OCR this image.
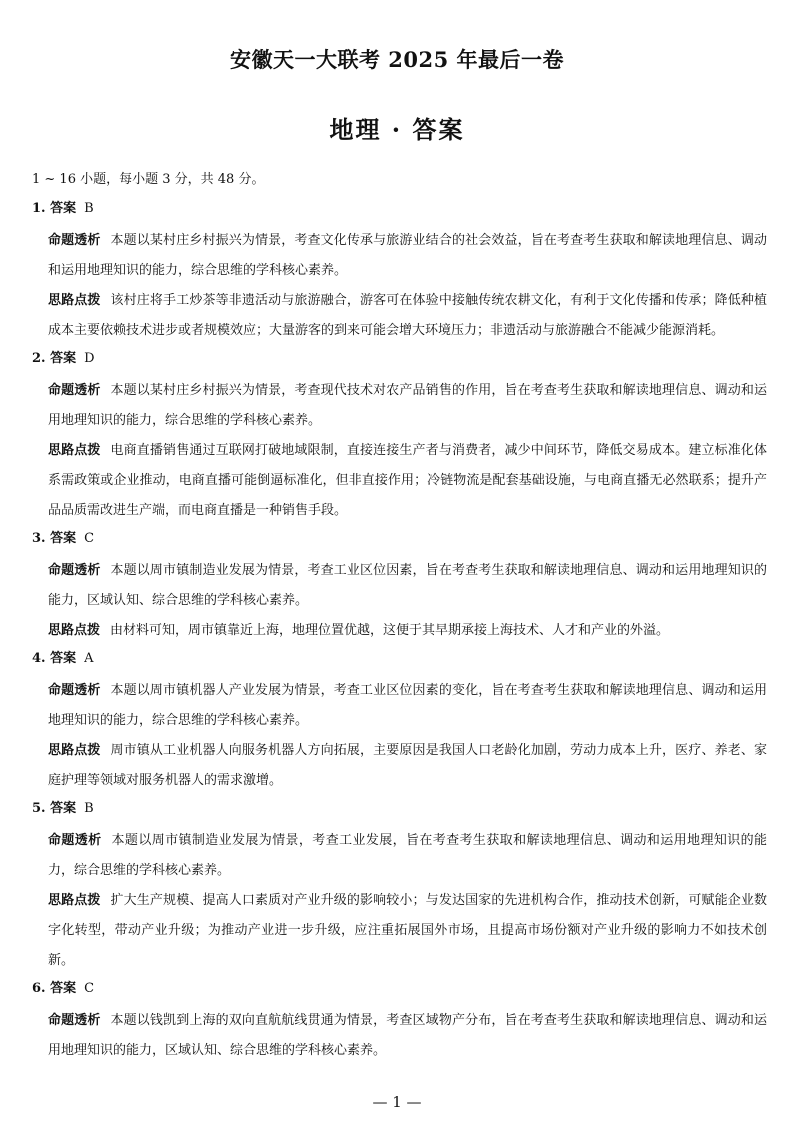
安徽天一大联考 2025 年最后一卷
地理 · 答案

1 ~ 16 小题，每小题 3 分，共 48 分。

1. 答案 B

命题透析 本题以某村庄乡村振兴为情景，考查文化传承与旅游业结合的社会效益，旨在考查考生获取和解读地理信息、调动和运用地理知识的能力，综合思维的学科核心素养。

思路点拨 该村庄将手工炒茶等非遗活动与旅游融合，游客可在体验中接触传统农耕文化，有利于文化传播和传承；降低种植成本主要依赖技术进步或者规模效应；大量游客的到来可能会增大环境压力；非遗活动与旅游融合不能减少能源消耗。

2. 答案 D

命题透析 本题以某村庄乡村振兴为情景，考查现代技术对农产品销售的作用，旨在考查考生获取和解读地理信息、调动和运用地理知识的能力，综合思维的学科核心素养。

思路点拨 电商直播销售通过互联网打破地域限制，直接连接生产者与消费者，减少中间环节，降低交易成本。建立标准化体系需政策或企业推动，电商直播可能倒逼标准化，但非直接作用；冷链物流是配套基础设施，与电商直播无必然联系；提升产品品质需改进生产端，而电商直播是一种销售手段。

3. 答案 C

命题透析 本题以周市镇制造业发展为情景，考查工业区位因素，旨在考查考生获取和解读地理信息、调动和运用地理知识的能力，区域认知、综合思维的学科核心素养。

思路点拨 由材料可知，周市镇靠近上海，地理位置优越，这便于其早期承接上海技术、人才和产业的外溢。

4. 答案 A

命题透析 本题以周市镇机器人产业发展为情景，考查工业区位因素的变化，旨在考查考生获取和解读地理信息、调动和运用地理知识的能力，综合思维的学科核心素养。

思路点拨 周市镇从工业机器人向服务机器人方向拓展，主要原因是我国人口老龄化加剧，劳动力成本上升，医疗、养老、家庭护理等领域对服务机器人的需求激增。

5. 答案 B

命题透析 本题以周市镇制造业发展为情景，考查工业发展，旨在考查考生获取和解读地理信息、调动和运用地理知识的能力，综合思维的学科核心素养。

思路点拨 扩大生产规模、提高人口素质对产业升级的影响较小；与发达国家的先进机构合作，推动技术创新，可赋能企业数字化转型，带动产业升级；为推动产业进一步升级，应注重拓展国外市场，且提高市场份额对产业升级的影响力不如技术创新。

6. 答案 C

命题透析 本题以钱凯到上海的双向直航航线贯通为情景，考查区域物产分布，旨在考查考生获取和解读地理信息、调动和运用地理知识的能力，区域认知、综合思维的学科核心素养。

— 1 —
